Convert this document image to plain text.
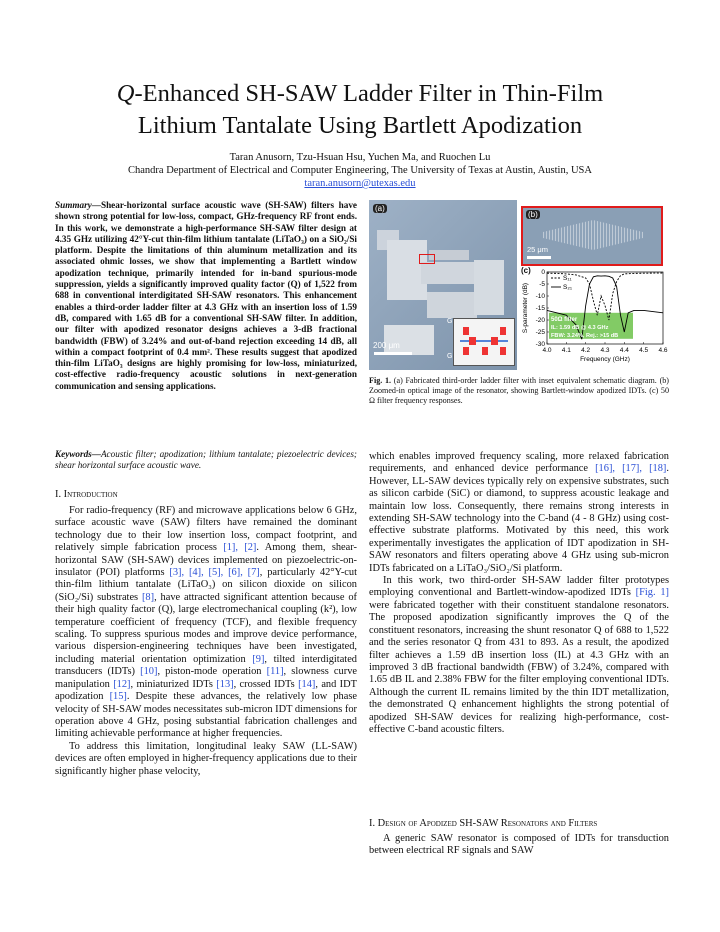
Q-Enhanced SH-SAW Ladder Filter in Thin-Film
Lithium Tantalate Using Bartlett Apodization
Taran Anusorn, Tzu-Hsuan Hsu, Yuchen Ma, and Ruochen Lu
Chandra Department of Electrical and Computer Engineering, The University of Texas at Austin, Austin, USA
taran.anusorn@utexas.edu

Summary—Shear-horizontal surface acoustic wave (SH-SAW) filters have shown strong potential for low-loss, compact, GHz-frequency RF front ends. In this work, we demonstrate a high-performance SH-SAW filter design at 4.35 GHz utilizing 42°Y-cut thin-film lithium tantalate (LiTaO₃) on a SiO₂/Si platform. Despite the limitations of thin aluminum metallization and its associated ohmic losses, we show that implementing a Bartlett window apodization technique, primarily intended for in-band spurious-mode suppression, yields a significantly improved quality factor (Q) of 1,522 from 688 in conventional interdigitated SH-SAW resonators. This enhancement enables a third-order ladder filter at 4.3 GHz with an insertion loss of 1.59 dB, compared with 1.65 dB for a conventional SH-SAW filter. In addition, our filter with apodized resonator designs achieves a 3-dB fractional bandwidth (FBW) of 3.24% and out-of-band rejection exceeding 14 dB, all within a compact footprint of 0.4 mm². These results suggest that apodized thin-film LiTaO₃ designs are highly promising for low-loss, miniaturized, cost-effective radio-frequency acoustic solutions in next-generation communication and sensing applications.

Keywords—Acoustic filter; apodization; lithium tantalate; piezoelectric devices; shear horizontal surface acoustic wave.

I. Introduction

For radio-frequency (RF) and microwave applications below 6 GHz, surface acoustic wave (SAW) filters have remained the dominant technology due to their low insertion loss, compact footprint, and relatively simple fabrication process [1], [2]. Among them, shear-horizontal SAW (SH-SAW) devices implemented on piezoelectric-on-insulator (POI) platforms [3], [4], [5], [6], [7], particularly 42°Y-cut thin-film lithium tantalate (LiTaO₃) on silicon dioxide on silicon (SiO₂/Si) substrates [8], have attracted significant attention because of their high quality factor (Q), large electromechanical coupling (k²), low temperature coefficient of frequency (TCF), and flexible frequency scaling. To suppress spurious modes and improve device performance, various dispersion-engineering techniques have been investigated, including material orientation optimization [9], tilted interdigitated transducers (IDTs) [10], piston-mode operation [11], slowness curve manipulation [12], miniaturized IDTs [13], crossed IDTs [14], and IDT apodization [15]. Despite these advances, the relatively low phase velocity of SH-SAW modes necessitates sub-micron IDT dimensions for operation above 4 GHz, posing substantial fabrication challenges and limiting achievable performance at higher frequencies.

To address this limitation, longitudinal leaky SAW (LL-SAW) devices are often employed in higher-frequency applications due to their significantly higher phase velocity,

200 μm
(a)
G
G
25 μm
(b)
(c)
4.0 4.1 4.2 4.3 4.4 4.5 4.6
0
-5
-10
-15
-20
-25
-30
Frequency (GHz)
S-parameter (dB)
S₁₁
S₂₁
50Ω filter
IL: 1.59 dB @ 4.3 GHz
FBW: 3.24%, Rej.: >15 dB
Fig. 1. (a) Fabricated third-order ladder filter with inset equivalent schematic diagram. (b) Zoomed-in optical image of the resonator, showing Bartlett-window apodized IDTs. (c) 50 Ω filter frequency responses.

which enables improved frequency scaling, more relaxed fabrication requirements, and enhanced device performance [16], [17], [18]. However, LL-SAW devices typically rely on expensive substrates, such as silicon carbide (SiC) or diamond, to suppress acoustic leakage and maintain low loss. Consequently, there remains strong interests in extending SH-SAW technology into the C-band (4 - 8 GHz) using cost-effective substrate platforms. Motivated by this need, this work experimentally investigates the application of IDT apodization in SH-SAW resonators and filters operating above 4 GHz using sub-micron IDTs fabricated on a LiTaO₃/SiO₂/Si platform.

In this work, two third-order SH-SAW ladder filter prototypes employing conventional and Bartlett-window-apodized IDTs [Fig. 1] were fabricated together with their constituent standalone resonators. The proposed apodization significantly improves the Q of the constituent resonators, increasing the shunt resonator Q of 688 to 1,522 and the series resonator Q from 431 to 893. As a result, the apodized filter achieves a 1.59 dB insertion loss (IL) at 4.3 GHz with an improved 3 dB fractional bandwidth (FBW) of 3.24%, compared with 1.65 dB IL and 2.38% FBW for the filter employing conventional IDTs. Although the current IL remains limited by the thin IDT metallization, the demonstrated Q enhancement highlights the strong potential of apodized SH-SAW devices for realizing high-performance, cost-effective C-band acoustic filters.

I. Design of Apodized SH-SAW Resonators and Filters

A generic SAW resonator is composed of IDTs for transduction between electrical RF signals and SAW
